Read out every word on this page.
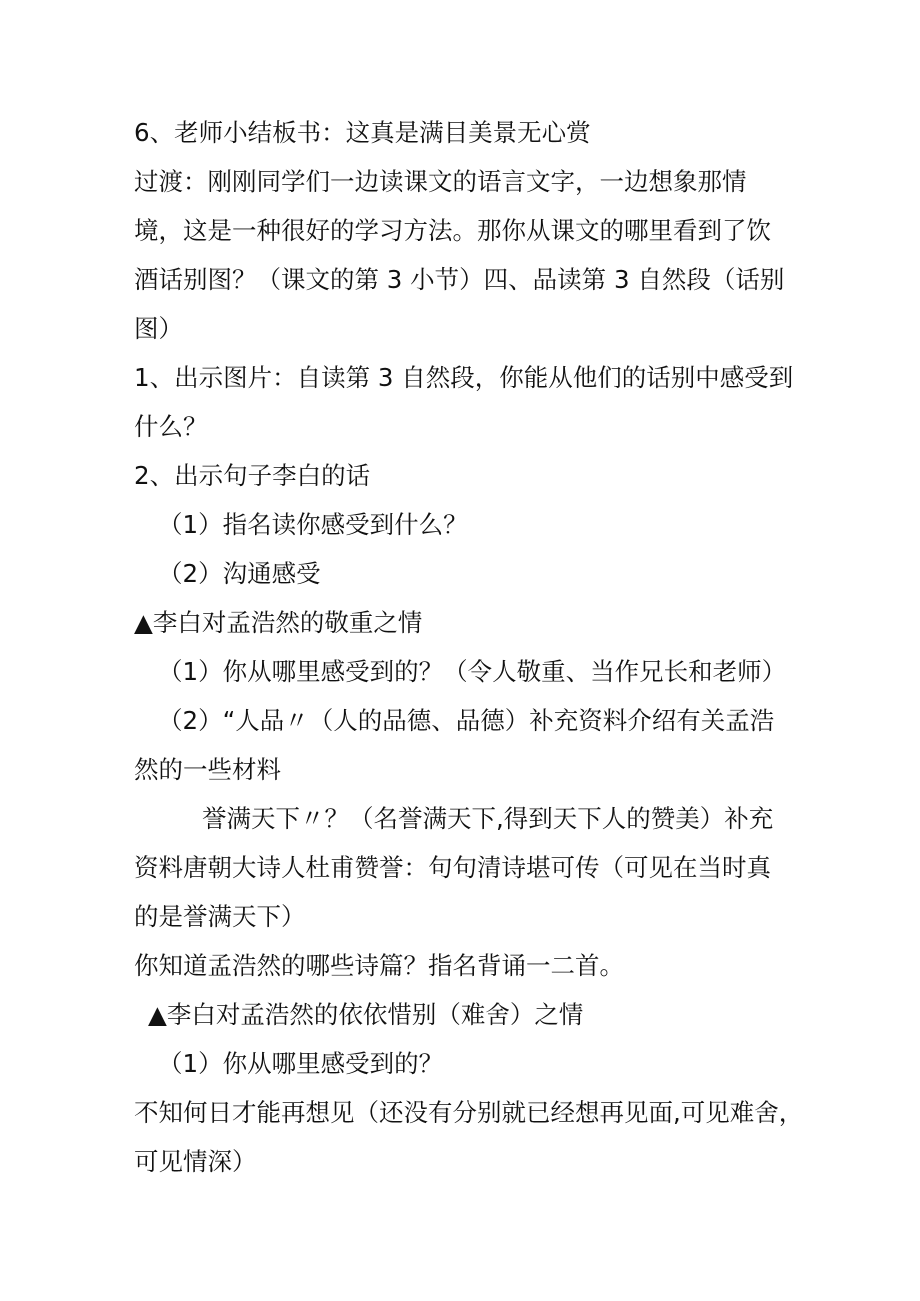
6、老师小结板书：这真是满目美景无心赏

过渡：刚刚同学们一边读课文的语言文字，一边想象那情

境，这是一种很好的学习方法。那你从课文的哪里看到了饮

酒话别图？（课文的第 3 小节）四、品读第 3 自然段（话别

图）

1、出示图片：自读第 3 自然段，你能从他们的话别中感受到

什么？

2、出示句子李白的话

（1）指名读你感受到什么？

（2）沟通感受

▲李白对孟浩然的敬重之情

（1）你从哪里感受到的？（令人敬重、当作兄长和老师）

（2）“人品〃（人的品德、品德）补充资料介绍有关孟浩

然的一些材料

誉满天下〃？（名誉满天下,得到天下人的赞美）补充

资料唐朝大诗人杜甫赞誉：句句清诗堪可传（可见在当时真

的是誉满天下）

你知道孟浩然的哪些诗篇？指名背诵一二首。

▲李白对孟浩然的依依惜别（难舍）之情

（1）你从哪里感受到的？

不知何日才能再想见（还没有分别就已经想再见面,可见难舍，

可见情深）
